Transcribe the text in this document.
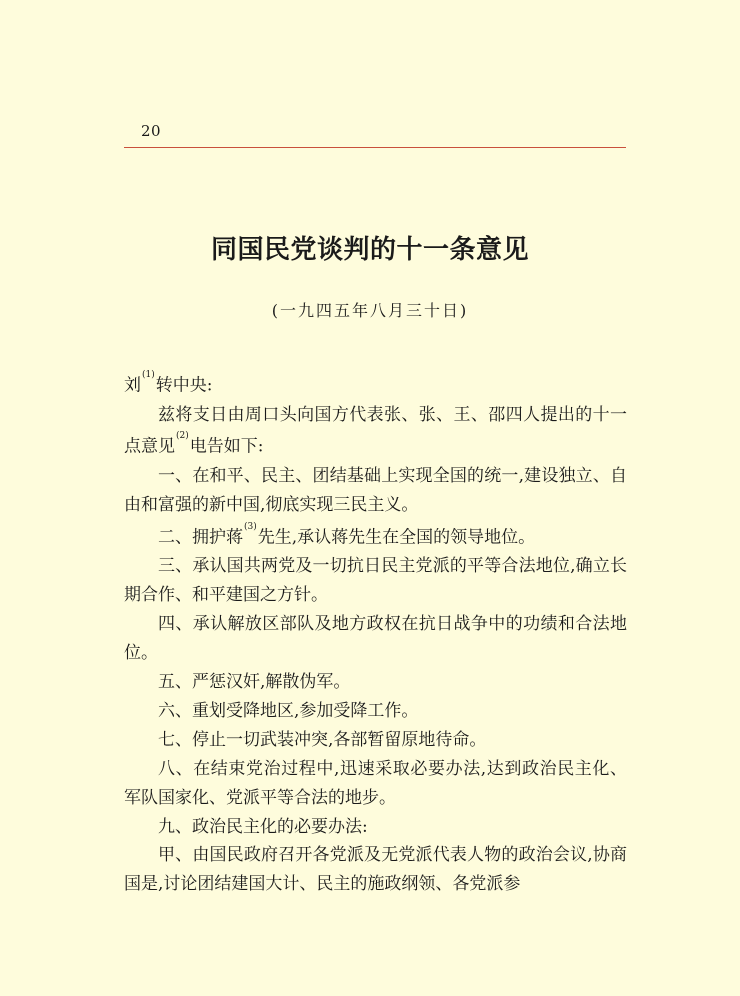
20
同国民党谈判的十一条意见
(一九四五年八月三十日)

刘$^{(1)}$转中央:

兹将支日由周口头向国方代表张、张、王、邵四人提出的十一点意见$^{(2)}$电告如下:

一、在和平、民主、团结基础上实现全国的统一,建设独立、自由和富强的新中国,彻底实现三民主义。

二、拥护蒋$^{(3)}$先生,承认蒋先生在全国的领导地位。

三、承认国共两党及一切抗日民主党派的平等合法地位,确立长期合作、和平建国之方针。

四、承认解放区部队及地方政权在抗日战争中的功绩和合法地位。

五、严惩汉奸,解散伪军。

六、重划受降地区,参加受降工作。

七、停止一切武装冲突,各部暂留原地待命。

八、在结束党治过程中,迅速采取必要办法,达到政治民主化、军队国家化、党派平等合法的地步。

九、政治民主化的必要办法:

甲、由国民政府召开各党派及无党派代表人物的政治会议,协商国是,讨论团结建国大计、民主的施政纲领、各党派参
